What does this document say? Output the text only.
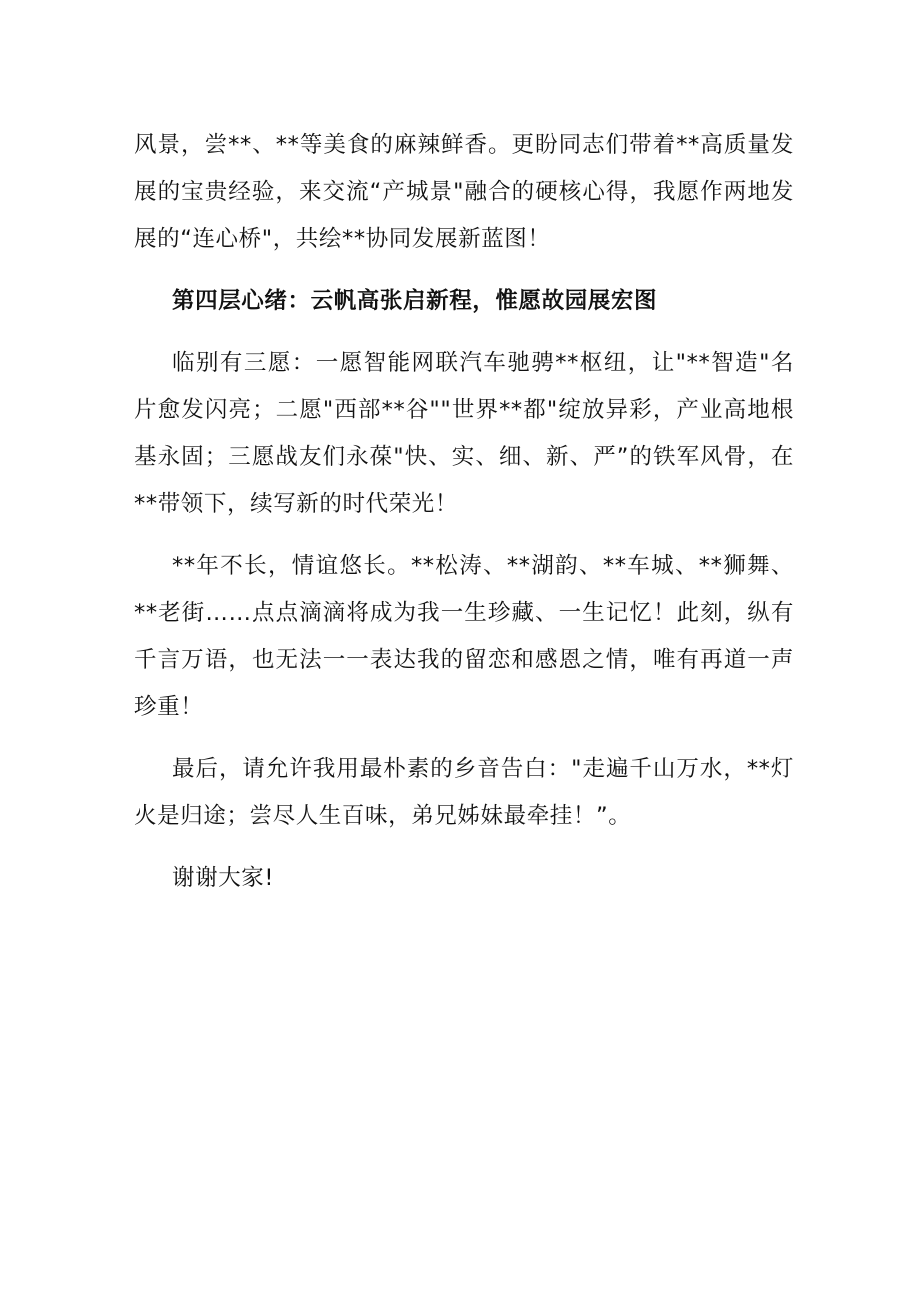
风景，尝**、**等美食的麻辣鲜香。更盼同志们带着**高质量发展的宝贵经验，来交流“产城景"融合的硬核心得，我愿作两地发展的“连心桥"，共绘**协同发展新蓝图！

第四层心绪：云帆高张启新程，惟愿故园展宏图

临别有三愿：一愿智能网联汽车驰骋**枢纽，让"**智造"名片愈发闪亮；二愿"西部**谷""世界**都"绽放异彩，产业高地根基永固；三愿战友们永葆"快、实、细、新、严”的铁军风骨，在**带领下，续写新的时代荣光！

**年不长，情谊悠长。**松涛、**湖韵、**车城、**狮舞、**老街……点点滴滴将成为我一生珍藏、一生记忆！此刻，纵有千言万语，也无法一一表达我的留恋和感恩之情，唯有再道一声珍重！

最后，请允许我用最朴素的乡音告白："走遍千山万水，**灯火是归途；尝尽人生百味，弟兄姊妹最牵挂！”。

谢谢大家!
